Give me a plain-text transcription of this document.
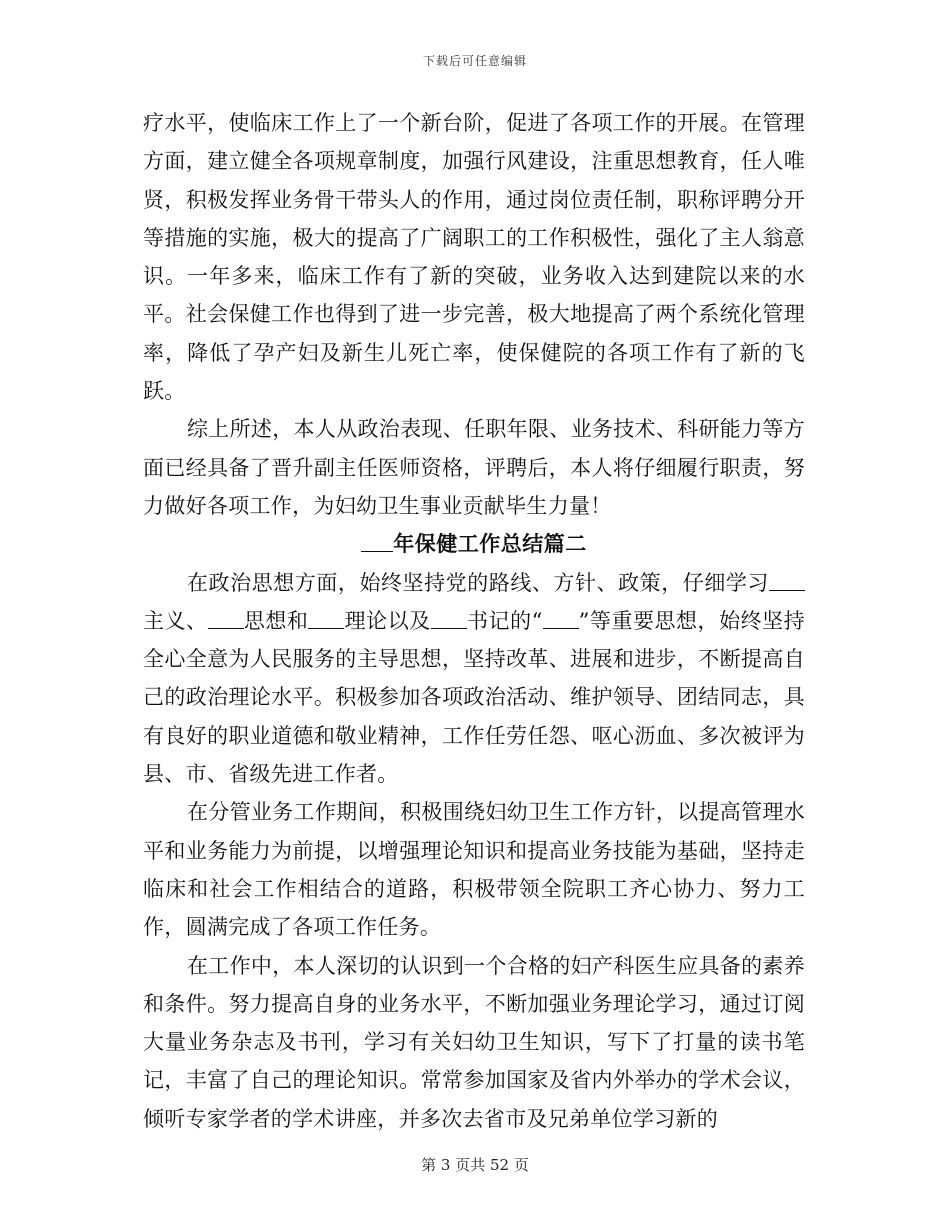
下载后可任意编辑

疗水平，使临床工作上了一个新台阶，促进了各项工作的开展。在管理方面，建立健全各项规章制度，加强行风建设，注重思想教育，任人唯贤，积极发挥业务骨干带头人的作用，通过岗位责任制，职称评聘分开等措施的实施，极大的提高了广阔职工的工作积极性，强化了主人翁意识。一年多来，临床工作有了新的突破，业务收入达到建院以来的水平。社会保健工作也得到了进一步完善，极大地提高了两个系统化管理率，降低了孕产妇及新生儿死亡率，使保健院的各项工作有了新的飞跃。

综上所述，本人从政治表现、任职年限、业务技术、科研能力等方面已经具备了晋升副主任医师资格，评聘后，本人将仔细履行职责，努力做好各项工作，为妇幼卫生事业贡献毕生力量！

年保健工作总结篇二

在政治思想方面，始终坚持党的路线、方针、政策，仔细学习主义、 思想和 理论以及 书记的“ ”等重要思想，始终坚持全心全意为人民服务的主导思想，坚持改革、进展和进步，不断提高自己的政治理论水平。积极参加各项政治活动、维护领导、团结同志，具有良好的职业道德和敬业精神，工作任劳任怨、呕心沥血、多次被评为县、市、省级先进工作者。

在分管业务工作期间，积极围绕妇幼卫生工作方针，以提高管理水平和业务能力为前提，以增强理论知识和提高业务技能为基础，坚持走临床和社会工作相结合的道路，积极带领全院职工齐心协力、努力工作，圆满完成了各项工作任务。

在工作中，本人深切的认识到一个合格的妇产科医生应具备的素养和条件。努力提高自身的业务水平，不断加强业务理论学习，通过订阅大量业务杂志及书刊，学习有关妇幼卫生知识，写下了打量的读书笔记，丰富了自己的理论知识。常常参加国家及省内外举办的学术会议，倾听专家学者的学术讲座，并多次去省市及兄弟单位学习新的

第 3 页共 52 页
